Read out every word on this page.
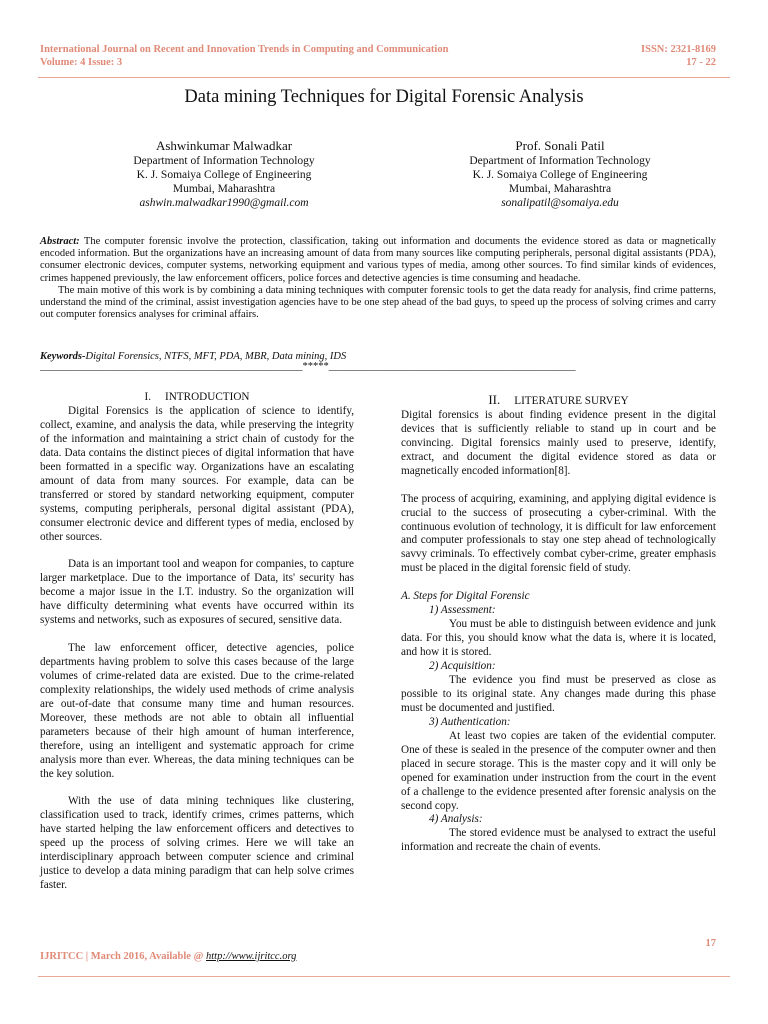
International Journal on Recent and Innovation Trends in Computing and Communication
Volume: 4 Issue: 3
ISSN: 2321-8169
17 - 22
Data mining Techniques for Digital Forensic Analysis
Ashwinkumar Malwadkar
Department of Information Technology
K. J. Somaiya College of Engineering
Mumbai, Maharashtra
ashwin.malwadkar1990@gmail.com
Prof. Sonali Patil
Department of Information Technology
K. J. Somaiya College of Engineering
Mumbai, Maharashtra
sonalipatil@somaiya.edu

Abstract: The computer forensic involve the protection, classification, taking out information and documents the evidence stored as data or magnetically encoded information. But the organizations have an increasing amount of data from many sources like computing peripherals, personal digital assistants (PDA), consumer electronic devices, computer systems, networking equipment and various types of media, among other sources. To find similar kinds of evidences, crimes happened previously, the law enforcement officers, police forces and detective agencies is time consuming and headache.

The main motive of this work is by combining a data mining techniques with computer forensic tools to get the data ready for analysis, find crime patterns, understand the mind of the criminal, assist investigation agencies have to be one step ahead of the bad guys, to speed up the process of solving crimes and carry out computer forensics analyses for criminal affairs.

Keywords-Digital Forensics, NTFS, MFT, PDA, MBR, Data mining, IDS
__________________________________________________*****_______________________________________________
I. INTRODUCTION

Digital Forensics is the application of science to identify, collect, examine, and analysis the data, while preserving the integrity of the information and maintaining a strict chain of custody for the data. Data contains the distinct pieces of digital information that have been formatted in a specific way. Organizations have an escalating amount of data from many sources. For example, data can be transferred or stored by standard networking equipment, computer systems, computing peripherals, personal digital assistant (PDA), consumer electronic device and different types of media, enclosed by other sources.

Data is an important tool and weapon for companies, to capture larger marketplace. Due to the importance of Data, its' security has become a major issue in the I.T. industry. So the organization will have difficulty determining what events have occurred within its systems and networks, such as exposures of secured, sensitive data.

The law enforcement officer, detective agencies, police departments having problem to solve this cases because of the large volumes of crime-related data are existed. Due to the crime-related complexity relationships, the widely used methods of crime analysis are out-of-date that consume many time and human resources. Moreover, these methods are not able to obtain all influential parameters because of their high amount of human interference, therefore, using an intelligent and systematic approach for crime analysis more than ever. Whereas, the data mining techniques can be the key solution.

With the use of data mining techniques like clustering, classification used to track, identify crimes, crimes patterns, which have started helping the law enforcement officers and detectives to speed up the process of solving crimes. Here we will take an interdisciplinary approach between computer science and criminal justice to develop a data mining paradigm that can help solve crimes faster.

II. LITERATURE SURVEY

Digital forensics is about finding evidence present in the digital devices that is sufficiently reliable to stand up in court and be convincing. Digital forensics mainly used to preserve, identify, extract, and document the digital evidence stored as data or magnetically encoded information[8].

The process of acquiring, examining, and applying digital evidence is crucial to the success of prosecuting a cyber-criminal. With the continuous evolution of technology, it is difficult for law enforcement and computer professionals to stay one step ahead of technologically savvy criminals. To effectively combat cyber-crime, greater emphasis must be placed in the digital forensic field of study.

A. Steps for Digital Forensic

1) Assessment:

You must be able to distinguish between evidence and junk data. For this, you should know what the data is, where it is located, and how it is stored.

2) Acquisition:

The evidence you find must be preserved as close as possible to its original state. Any changes made during this phase must be documented and justified.

3) Authentication:

At least two copies are taken of the evidential computer. One of these is sealed in the presence of the computer owner and then placed in secure storage. This is the master copy and it will only be opened for examination under instruction from the court in the event of a challenge to the evidence presented after forensic analysis on the second copy.

4) Analysis:

The stored evidence must be analysed to extract the useful information and recreate the chain of events.

17
IJRITCC | March 2016, Available @ http://www.ijritcc.org
